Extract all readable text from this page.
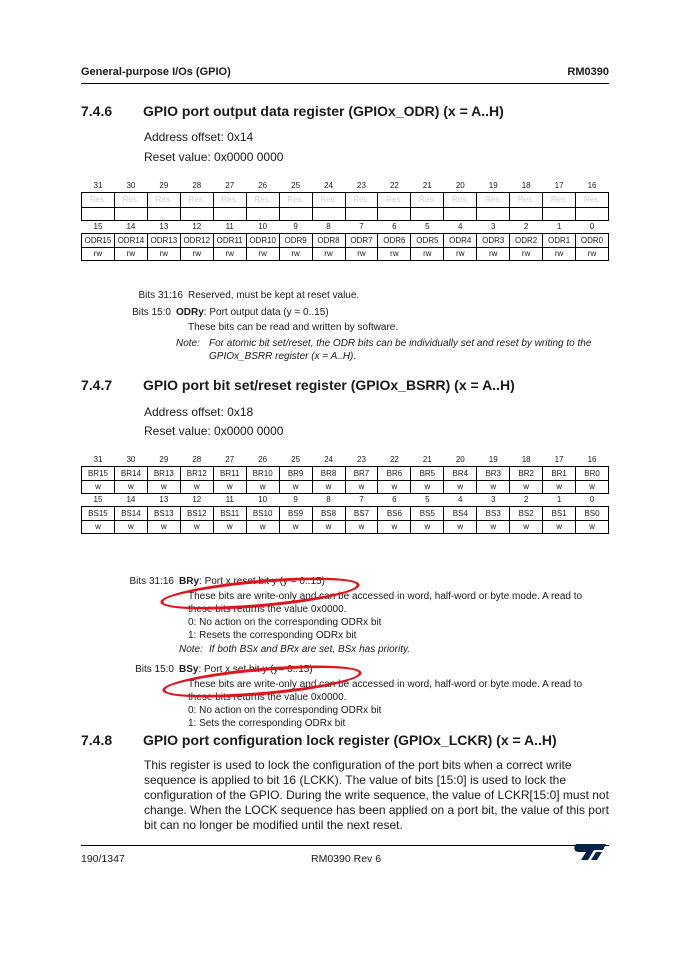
General-purpose I/Os (GPIO)	RM0390
7.4.6 GPIO port output data register (GPIOx_ODR) (x = A..H)
Address offset: 0x14
Reset value: 0x0000 0000
31	30	29	28	27	26	25	24	23	22	21	20	19	18	17	16
Res.	Res.	Res.	Res.	Res.	Res.	Res.	Res.	Res.	Res.	Res.	Res.	Res.	Res.	Res.	Res.

15	14	13	12	11	10	9	8	7	6	5	4	3	2	1	0
ODR15	ODR14	ODR13	ODR12	ODR11	ODR10	ODR9	ODR8	ODR7	ODR6	ODR5	ODR4	ODR3	ODR2	ODR1	ODR0
rw	rw	rw	rw	rw	rw	rw	rw	rw	rw	rw	rw	rw	rw	rw	rw
Bits 31:16 Reserved, must be kept at reset value.
Bits 15:0 ODRy: Port output data (y = 0..15)
These bits can be read and written by software.
Note: For atomic bit set/reset, the ODR bits can be individually set and reset by writing to the
GPIOx_BSRR register (x = A..H).
7.4.7 GPIO port bit set/reset register (GPIOx_BSRR) (x = A..H)
Address offset: 0x18
Reset value: 0x0000 0000
31	30	29	28	27	26	25	24	23	22	21	20	19	18	17	16
BR15	BR14	BR13	BR12	BR11	BR10	BR9	BR8	BR7	BR6	BR5	BR4	BR3	BR2	BR1	BR0
w	w	w	w	w	w	w	w	w	w	w	w	w	w	w	w
15	14	13	12	11	10	9	8	7	6	5	4	3	2	1	0
BS15	BS14	BS13	BS12	BS11	BS10	BS9	BS8	BS7	BS6	BS5	BS4	BS3	BS2	BS1	BS0
w	w	w	w	w	w	w	w	w	w	w	w	w	w	w	w
Bits 31:16 BRy: Port x reset bit y (y = 0..15)
These bits are write-only and can be accessed in word, half-word or byte mode. A read to
these bits returns the value 0x0000.
0: No action on the corresponding ODRx bit
1: Resets the corresponding ODRx bit
Note: If both BSx and BRx are set, BSx has priority.
Bits 15:0 BSy: Port x set bit y (y= 0..15)
These bits are write-only and can be accessed in word, half-word or byte mode. A read to
these bits returns the value 0x0000.
0: No action on the corresponding ODRx bit
1: Sets the corresponding ODRx bit
7.4.8 GPIO port configuration lock register (GPIOx_LCKR) (x = A..H)
This register is used to lock the configuration of the port bits when a correct write sequence is applied to bit 16 (LCKK). The value of bits [15:0] is used to lock the configuration of the GPIO. During the write sequence, the value of LCKR[15:0] must not change. When the LOCK sequence has been applied on a port bit, the value of this port bit can no longer be modified until the next reset.
190/1347	RM0390 Rev 6
